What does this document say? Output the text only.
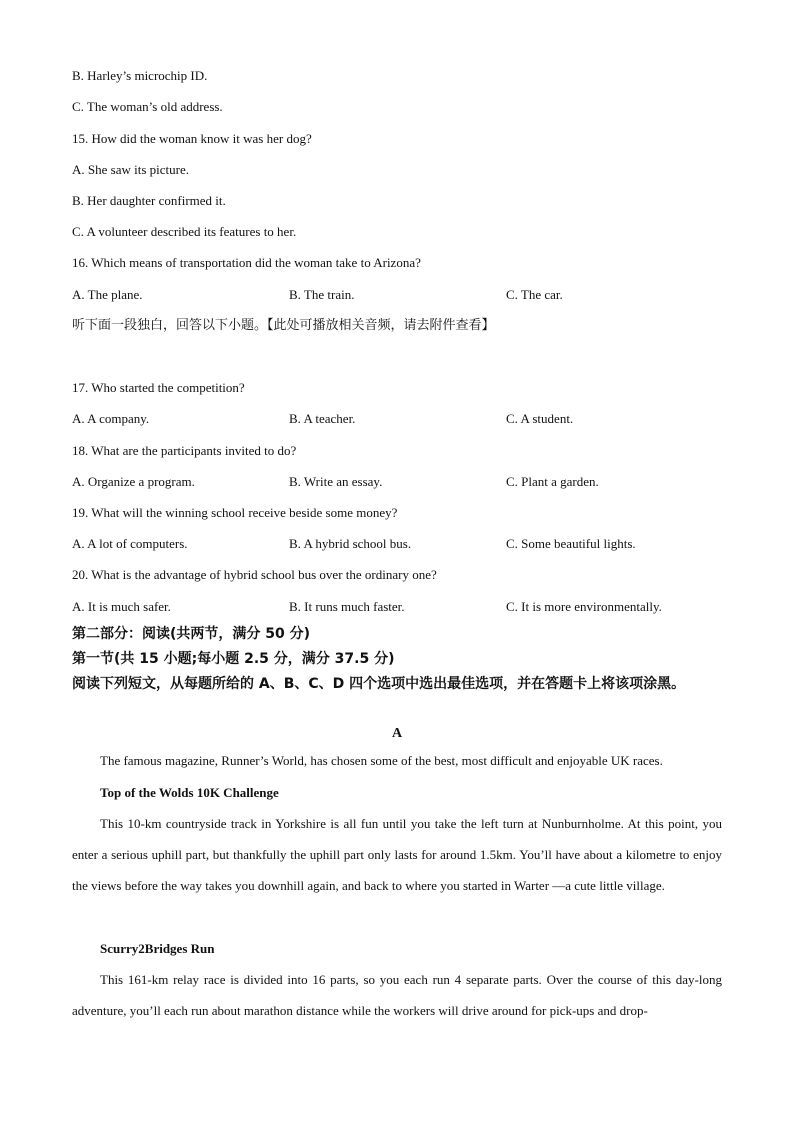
B. Harley’s microchip ID.
C. The woman’s old address.
15. How did the woman know it was her dog?
A. She saw its picture.
B. Her daughter confirmed it.
C. A volunteer described its features to her.
16. Which means of transportation did the woman take to Arizona?
A. The plane.	B. The train.	C. The car.
听下面一段独白，回答以下小题。【此处可播放相关音频，请去附件查看】
17. Who started the competition?
A. A company.	B. A teacher.	C. A student.
18. What are the participants invited to do?
A. Organize a program.	B. Write an essay.	C. Plant a garden.
19. What will the winning school receive beside some money?
A. A lot of computers.	B. A hybrid school bus.	C. Some beautiful lights.
20. What is the advantage of hybrid school bus over the ordinary one?
A. It is much safer.	B. It runs much faster.	C. It is more environmentally.
第二部分：阅读(共两节，满分 50 分)
第一节(共 15 小题;每小题 2.5 分，满分 37.5 分)
阅读下列短文，从每题所给的 A、B、C、D 四个选项中选出最佳选项，并在答题卡上将该项涂黑。
A
The famous magazine, Runner’s World, has chosen some of the best, most difficult and enjoyable UK races.
Top of the Wolds 10K Challenge
This 10-km countryside track in Yorkshire is all fun until you take the left turn at Nunburnholme. At this point, you enter a serious uphill part, but thankfully the uphill part only lasts for around 1.5km. You’ll have about a kilometre to enjoy the views before the way takes you downhill again, and back to where you started in Warter —a cute little village.
Scurry2Bridges Run
This 161-km relay race is divided into 16 parts, so you each run 4 separate parts. Over the course of this day-long adventure, you’ll each run about marathon distance while the workers will drive around for pick-ups and drop-
